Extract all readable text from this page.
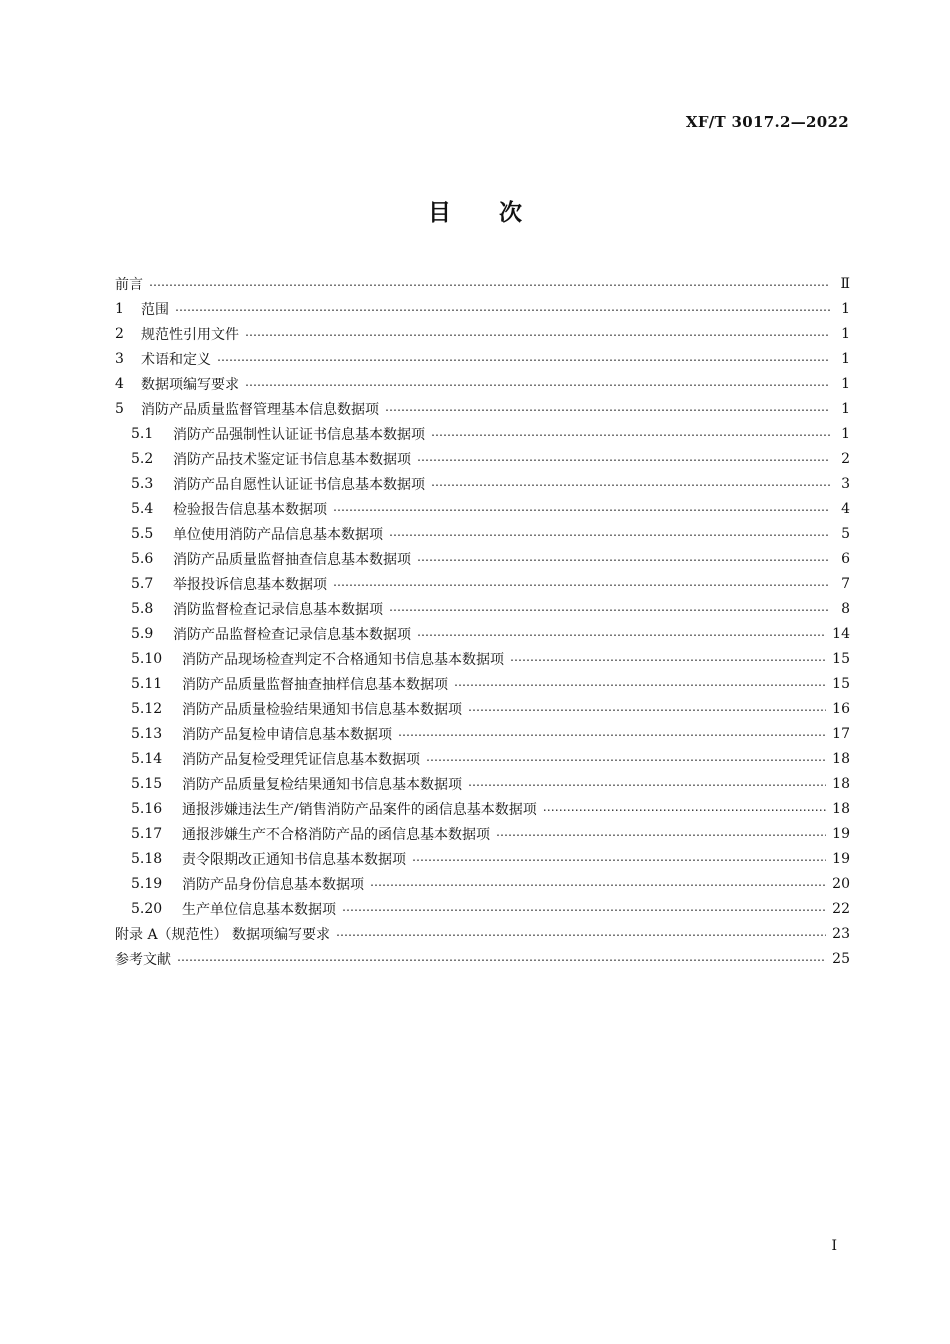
XF/T 3017.2—2022
目 次
前言 …………………………………………………………………………………………………………………………………………………………………………………………………………………………	Ⅱ
1	范围 …………………………………………………………………………………………………………………………………………………………………………………………………………………………	1
2	规范性引用文件 …………………………………………………………………………………………………………………………………………………………………………………………………………………………	1
3	术语和定义 …………………………………………………………………………………………………………………………………………………………………………………………………………………………	1
4	数据项编写要求 …………………………………………………………………………………………………………………………………………………………………………………………………………………………	1
5	消防产品质量监督管理基本信息数据项 …………………………………………………………………………………………………………………………………………………………………………………………………………………………	1
5.1	消防产品强制性认证证书信息基本数据项 …………………………………………………………………………………………………………………………………………………………………………………………………………………………	1
5.2	消防产品技术鉴定证书信息基本数据项 …………………………………………………………………………………………………………………………………………………………………………………………………………………………	2
5.3	消防产品自愿性认证证书信息基本数据项 …………………………………………………………………………………………………………………………………………………………………………………………………………………………	3
5.4	检验报告信息基本数据项 …………………………………………………………………………………………………………………………………………………………………………………………………………………………	4
5.5	单位使用消防产品信息基本数据项 …………………………………………………………………………………………………………………………………………………………………………………………………………………………	5
5.6	消防产品质量监督抽查信息基本数据项 …………………………………………………………………………………………………………………………………………………………………………………………………………………………	6
5.7	举报投诉信息基本数据项 …………………………………………………………………………………………………………………………………………………………………………………………………………………………	7
5.8	消防监督检查记录信息基本数据项 …………………………………………………………………………………………………………………………………………………………………………………………………………………………	8
5.9	消防产品监督检查记录信息基本数据项 …………………………………………………………………………………………………………………………………………………………………………………………………………………………	14
5.10	消防产品现场检查判定不合格通知书信息基本数据项 …………………………………………………………………………………………………………………………………………………………………………………………………………………………	15
5.11	消防产品质量监督抽查抽样信息基本数据项 …………………………………………………………………………………………………………………………………………………………………………………………………………………………	15
5.12	消防产品质量检验结果通知书信息基本数据项 …………………………………………………………………………………………………………………………………………………………………………………………………………………………	16
5.13	消防产品复检申请信息基本数据项 …………………………………………………………………………………………………………………………………………………………………………………………………………………………	17
5.14	消防产品复检受理凭证信息基本数据项 …………………………………………………………………………………………………………………………………………………………………………………………………………………………	18
5.15	消防产品质量复检结果通知书信息基本数据项 …………………………………………………………………………………………………………………………………………………………………………………………………………………………	18
5.16	通报涉嫌违法生产/销售消防产品案件的函信息基本数据项 …………………………………………………………………………………………………………………………………………………………………………………………………………………………	18
5.17	通报涉嫌生产不合格消防产品的函信息基本数据项 …………………………………………………………………………………………………………………………………………………………………………………………………………………………	19
5.18	责令限期改正通知书信息基本数据项 …………………………………………………………………………………………………………………………………………………………………………………………………………………………	19
5.19	消防产品身份信息基本数据项 …………………………………………………………………………………………………………………………………………………………………………………………………………………………	20
5.20	生产单位信息基本数据项 …………………………………………………………………………………………………………………………………………………………………………………………………………………………	22
附录 A（规范性） 数据项编写要求 …………………………………………………………………………………………………………………………………………………………………………………………………………………………	23
参考文献 …………………………………………………………………………………………………………………………………………………………………………………………………………………………	25
Ⅰ
